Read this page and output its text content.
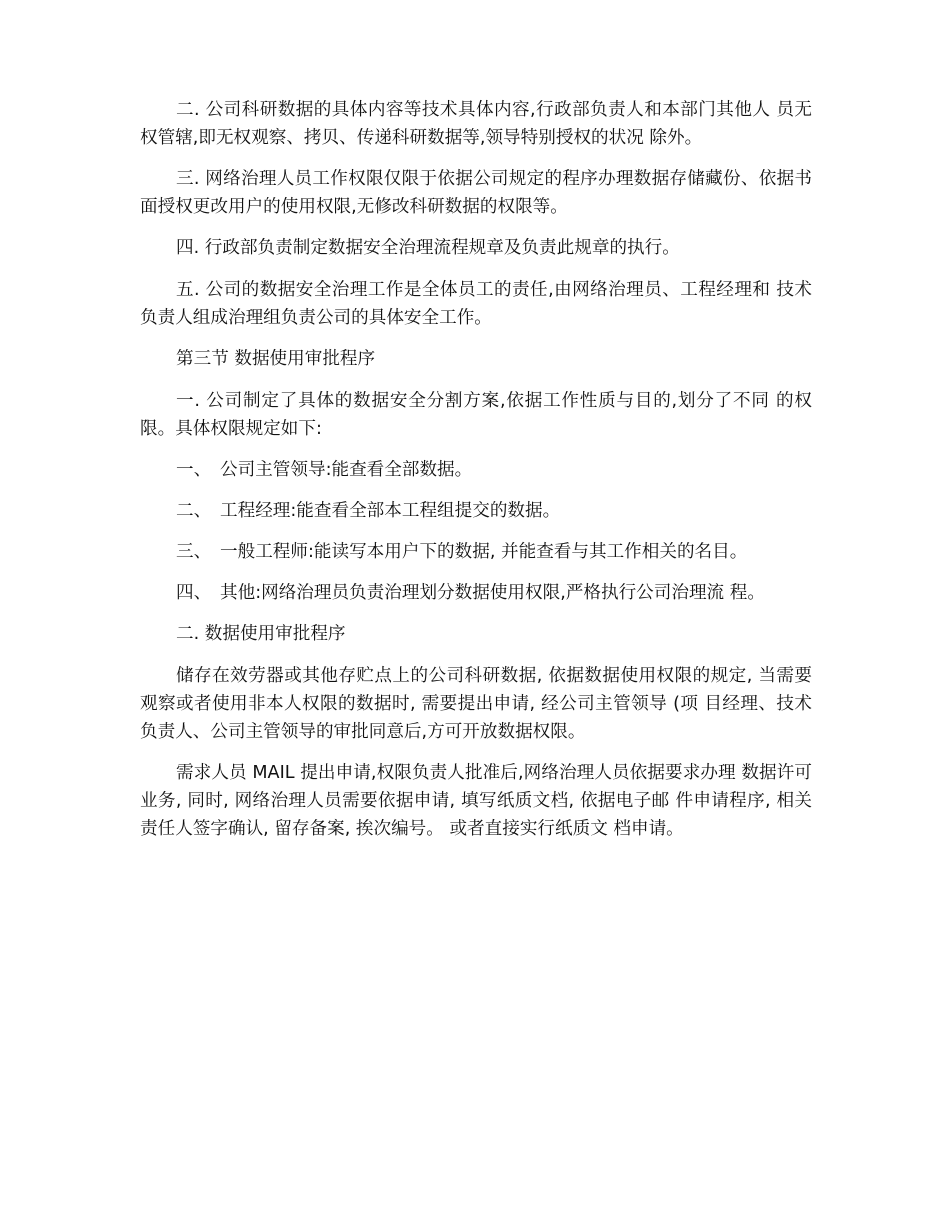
二. 公司科研数据的具体内容等技术具体内容,行政部负责人和本部门其他人 员无权管辖,即无权观察、拷贝、传递科研数据等,领导特别授权的状况 除外。

三. 网络治理人员工作权限仅限于依据公司规定的程序办理数据存储藏份、依据书面授权更改用户的使用权限,无修改科研数据的权限等。

四. 行政部负责制定数据安全治理流程规章及负责此规章的执行。

五. 公司的数据安全治理工作是全体员工的责任,由网络治理员、工程经理和 技术负责人组成治理组负责公司的具体安全工作。

第三节 数据使用审批程序

一. 公司制定了具体的数据安全分割方案,依据工作性质与目的,划分了不同 的权限。具体权限规定如下:

一、 公司主管领导:能查看全部数据。
二、 工程经理:能查看全部本工程组提交的数据。
三、 一般工程师:能读写本用户下的数据, 并能查看与其工作相关的名目。
四、 其他:网络治理员负责治理划分数据使用权限,严格执行公司治理流 程。

二. 数据使用审批程序

储存在效劳器或其他存贮点上的公司科研数据, 依据数据使用权限的规定, 当需要观察或者使用非本人权限的数据时, 需要提出申请, 经公司主管领导 (项 目经理、技术负责人、公司主管领导的审批同意后,方可开放数据权限。

需求人员 MAIL 提出申请,权限负责人批准后,网络治理人员依据要求办理 数据许可业务, 同时, 网络治理人员需要依据申请, 填写纸质文档, 依据电子邮 件申请程序, 相关责任人签字确认, 留存备案, 挨次编号。 或者直接实行纸质文 档申请。
